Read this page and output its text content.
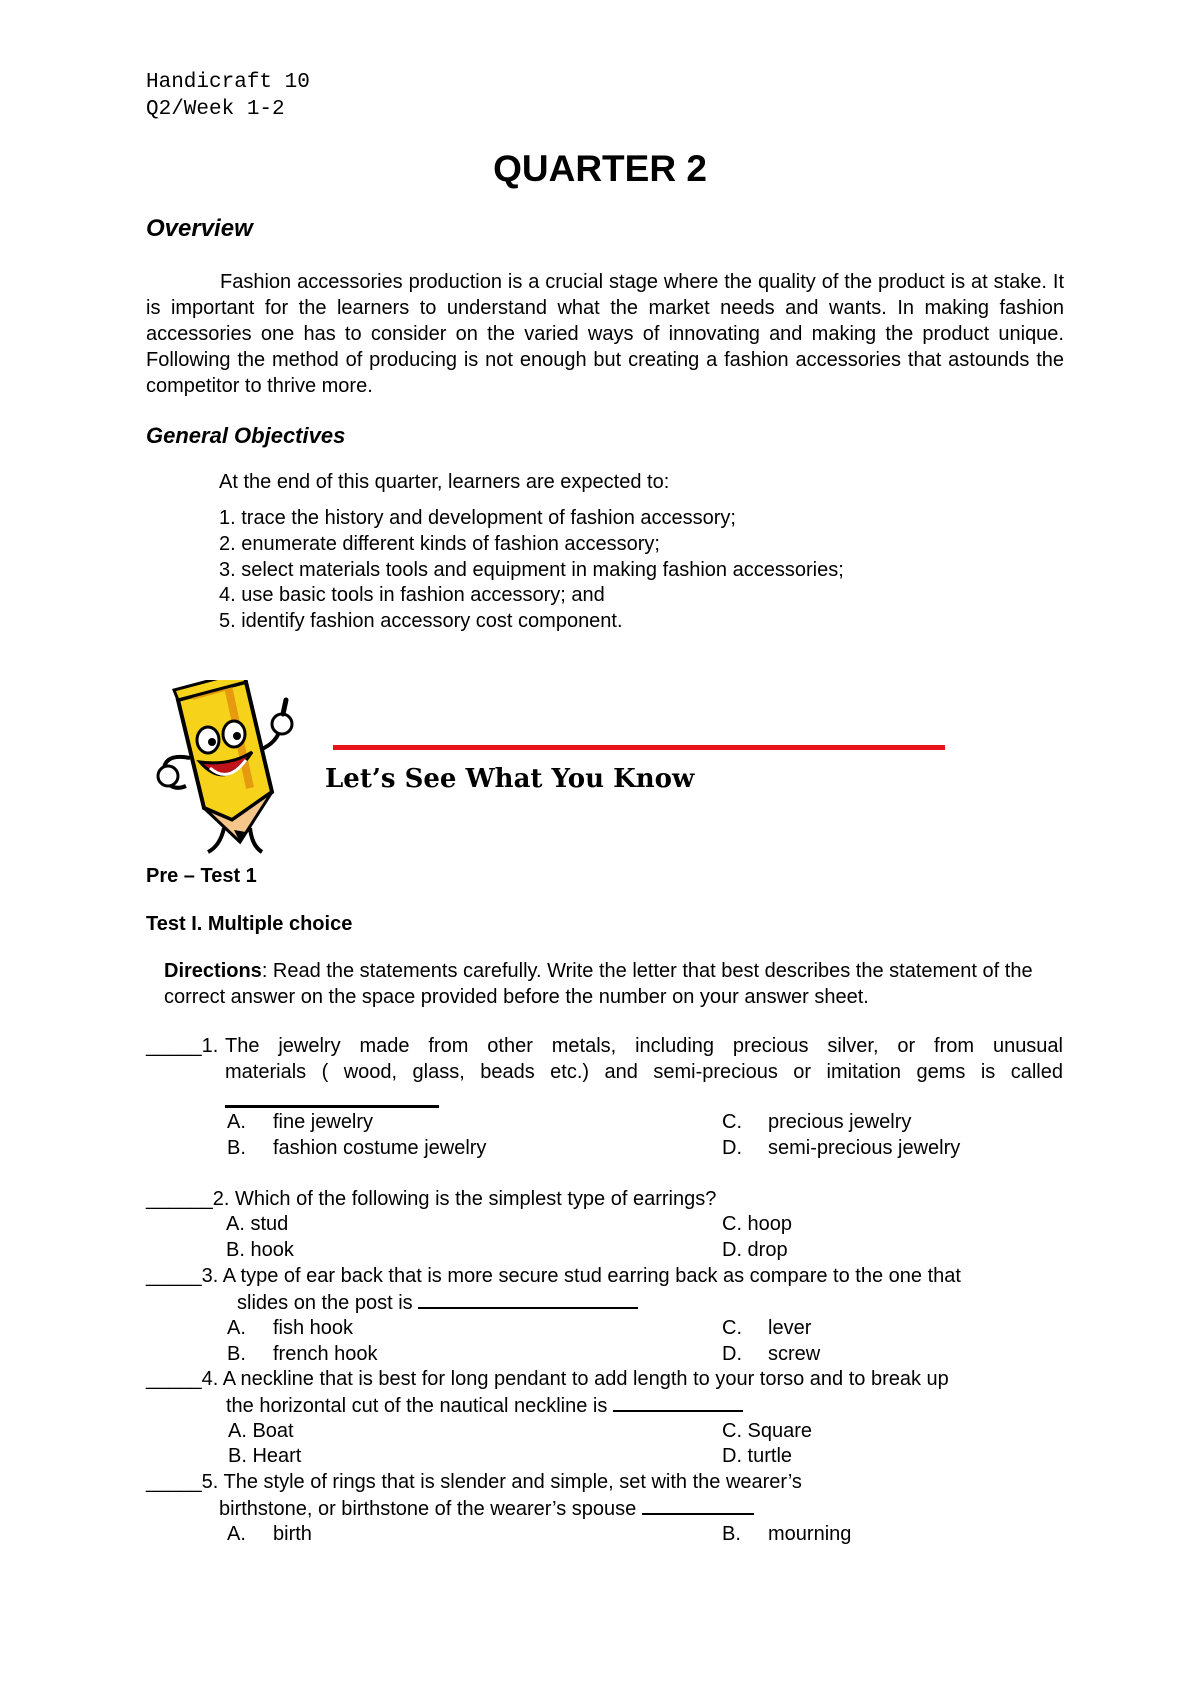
Handicraft 10
Q2/Week 1-2
QUARTER 2
Overview
Fashion accessories production is a crucial stage where the quality of the product is at stake. It is important for the learners to understand what the market needs and wants. In making fashion accessories one has to consider on the varied ways of innovating and making the product unique. Following the method of producing is not enough but creating a fashion accessories that astounds the competitor to thrive more.
General Objectives
At the end of this quarter, learners are expected to:
1. trace the history and development of fashion accessory;
2. enumerate different kinds of fashion accessory;
3. select materials tools and equipment in making fashion accessories;
4. use basic tools in fashion accessory; and
5. identify fashion accessory cost component.
Let’s See What You Know
Pre – Test 1
Test I. Multiple choice
Directions: Read the statements carefully. Write the letter that best describes the statement of the correct answer on the space provided before the number on your answer sheet.
_____1. The jewelry made from other metals, including precious silver, or from unusual
materials ( wood, glass, beads etc.) and semi-precious or imitation gems is called
A. fine jewelry
B. fashion costume jewelry
C. precious jewelry
D. semi-precious jewelry
______2. Which of the following is the simplest type of earrings?
A. stud
B. hook
C. hoop
D. drop
_____3. A type of ear back that is more secure stud earring back as compare to the one that
slides on the post is
A. fish hook
B. french hook
C. lever
D. screw
_____4. A neckline that is best for long pendant to add length to your torso and to break up
the horizontal cut of the nautical neckline is
A. Boat
B. Heart
C. Square
D. turtle
_____5. The style of rings that is slender and simple, set with the wearer’s
birthstone, or birthstone of the wearer’s spouse
A. birth	B. mourning
